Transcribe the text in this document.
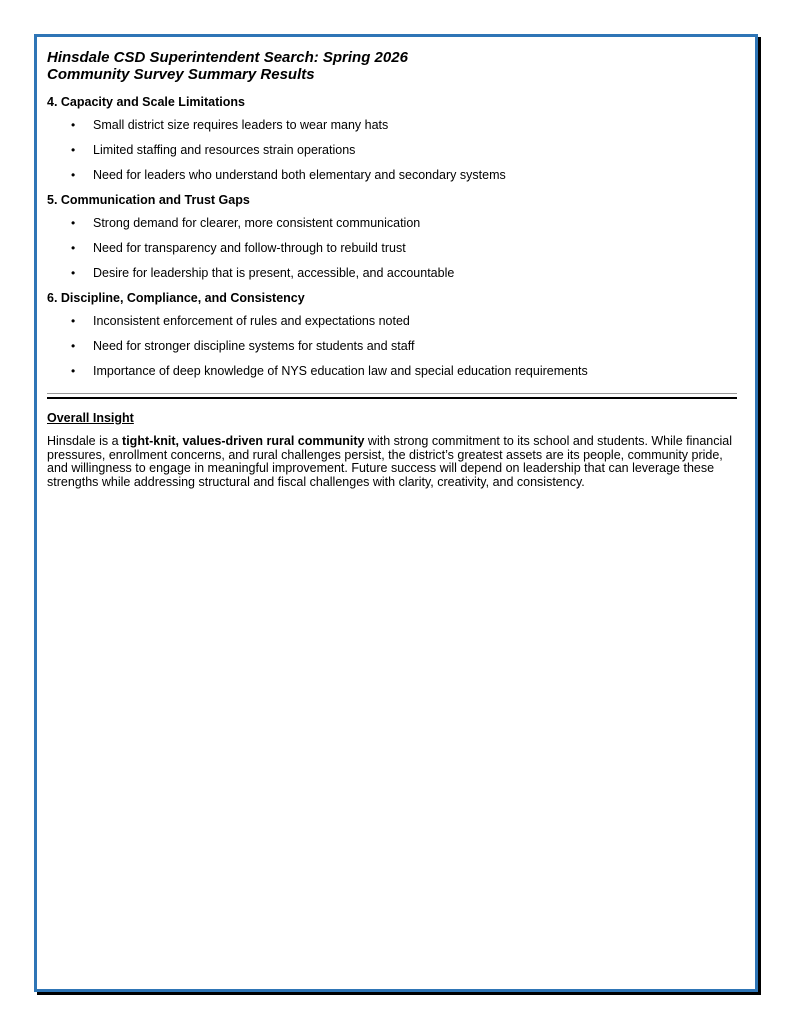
Hinsdale CSD Superintendent Search: Spring 2026
Community Survey Summary Results
4. Capacity and Scale Limitations
• Small district size requires leaders to wear many hats
• Limited staffing and resources strain operations
• Need for leaders who understand both elementary and secondary systems
5. Communication and Trust Gaps
• Strong demand for clearer, more consistent communication
• Need for transparency and follow-through to rebuild trust
• Desire for leadership that is present, accessible, and accountable
6. Discipline, Compliance, and Consistency
• Inconsistent enforcement of rules and expectations noted
• Need for stronger discipline systems for students and staff
• Importance of deep knowledge of NYS education law and special education requirements
Overall Insight

Hinsdale is a tight-knit, values-driven rural community with strong commitment to its school and students. While financial pressures, enrollment concerns, and rural challenges persist, the district’s greatest assets are its people, community pride, and willingness to engage in meaningful improvement. Future success will depend on leadership that can leverage these strengths while addressing structural and fiscal challenges with clarity, creativity, and consistency.
